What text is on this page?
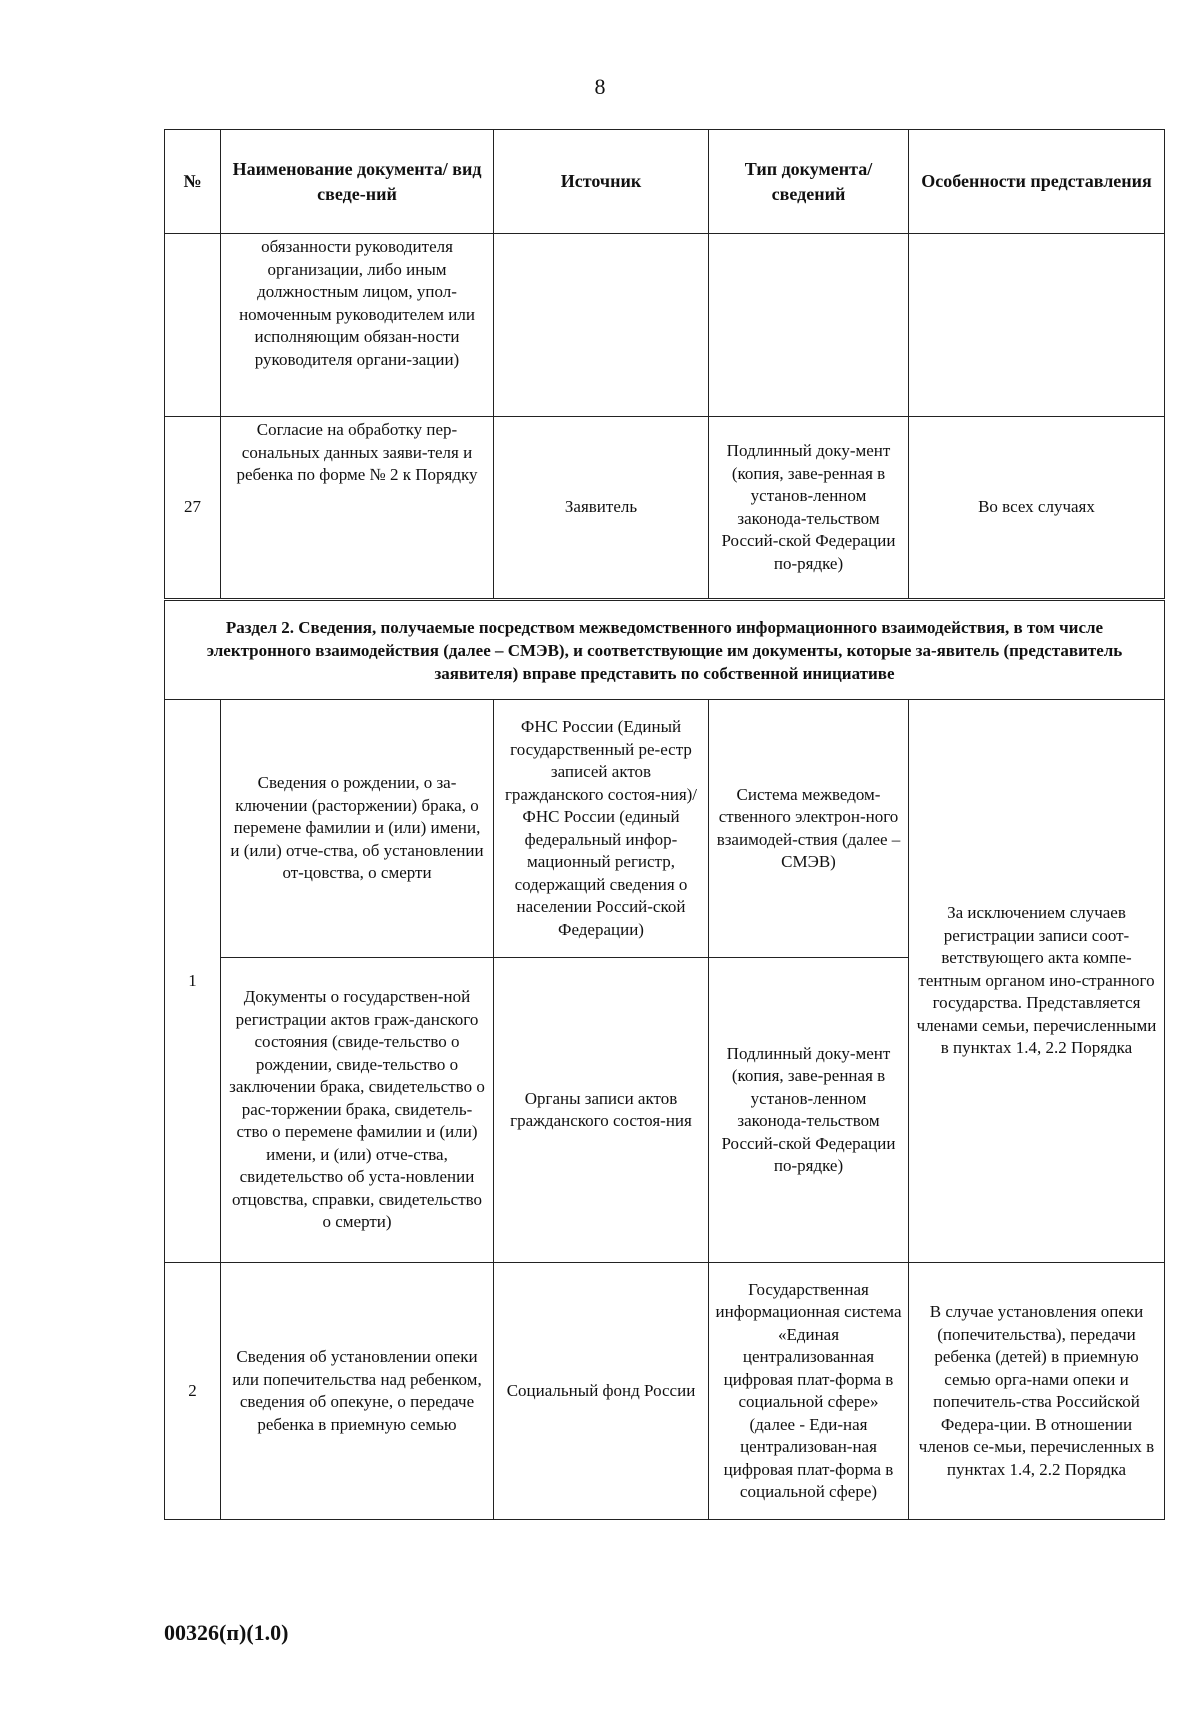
8
№	Наименование документа/ вид сведе-ний	Источник	Тип документа/ сведений	Особенности представления
	обязанности руководителя организации, либо иным должностным лицом, упол-номоченным руководителем или исполняющим обязан-ности руководителя органи-зации)			
27	Согласие на обработку пер-сональных данных заяви-теля и ребенка по форме № 2 к Порядку	Заявитель	Подлинный доку-мент (копия, заве-ренная в установ-ленном законода-тельством Россий-ской Федерации по-рядке)	Во всех случаях
Раздел 2. Сведения, получаемые посредством межведомственного информационного взаимодействия, в том числе электронного взаимодействия (далее – СМЭВ), и соответствующие им документы, которые за-явитель (представитель заявителя) вправе представить по собственной инициативе				
1	Сведения о рождении, о за-ключении (расторжении) брака, о перемене фамилии и (или) имени, и (или) отче-ства, об установлении от-цовства, о смерти	ФНС России (Единый государственный ре-естр записей актов гражданского состоя-ния)/ ФНС России (единый федеральный инфор-мационный регистр, содержащий сведения о населении Россий-ской Федерации)	Система межведом-ственного электрон-ного взаимодей-ствия (далее – СМЭВ)	За исключением случаев регистрации записи соот-ветствующего акта компе-тентным органом ино-странного государства. Представляется членами семьи, перечисленными в пунктах 1.4, 2.2 Порядка
	Документы о государствен-ной регистрации актов граж-данского состояния (свиде-тельство о рождении, свиде-тельство о заключении брака, свидетельство о рас-торжении брака, свидетель-ство о перемене фамилии и (или) имени, и (или) отче-ства, свидетельство об уста-новлении отцовства, справки, свидетельство о смерти)	Органы записи актов гражданского состоя-ния	Подлинный доку-мент (копия, заве-ренная в установ-ленном законода-тельством Россий-ской Федерации по-рядке)	
2	Сведения об установлении опеки или попечительства над ребенком, сведения об опекуне, о передаче ребенка в приемную семью	Социальный фонд России	Государственная информационная система «Единая централизованная цифровая плат-форма в социальной сфере» (далее - Еди-ная централизован-ная цифровая плат-форма в социальной сфере)	В случае установления опеки (попечительства), передачи ребенка (детей) в приемную семью орга-нами опеки и попечитель-ства Российской Федера-ции. В отношении членов се-мьи, перечисленных в пунктах 1.4, 2.2 Порядка
00326(п)(1.0)
